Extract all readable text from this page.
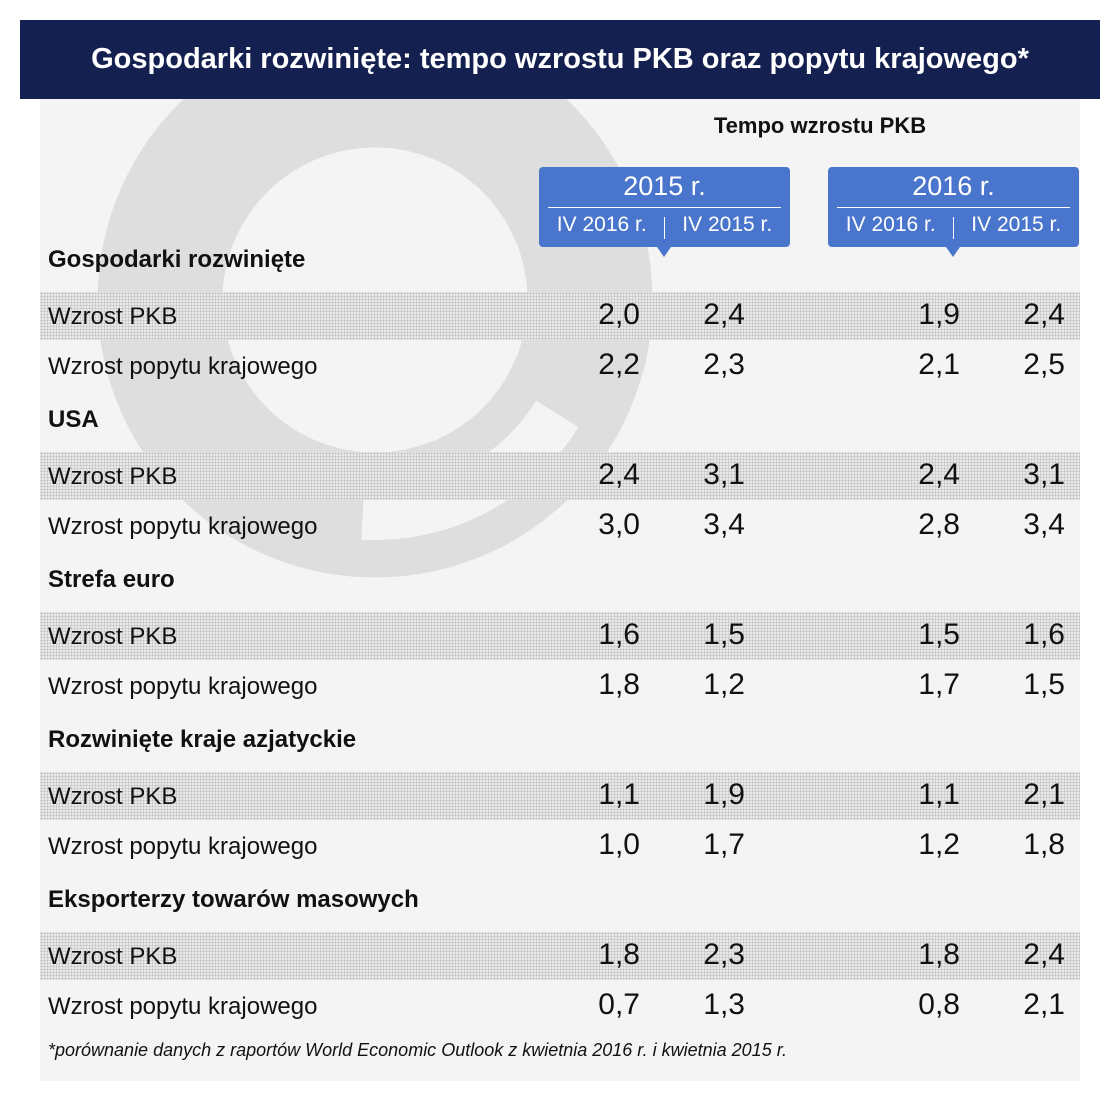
Gospodarki rozwinięte: tempo wzrostu PKB oraz popytu krajowego*
Tempo wzrostu PKB
2015 r.
IV 2016 r.	IV 2015 r.
2016 r.
IV 2016 r.	IV 2015 r.
Gospodarki rozwinięte
Wzrost PKB	2,0	2,4	1,9	2,4
Wzrost popytu krajowego	2,2	2,3	2,1	2,5
USA
Wzrost PKB	2,4	3,1	2,4	3,1
Wzrost popytu krajowego	3,0	3,4	2,8	3,4
Strefa euro
Wzrost PKB	1,6	1,5	1,5	1,6
Wzrost popytu krajowego	1,8	1,2	1,7	1,5
Rozwinięte kraje azjatyckie
Wzrost PKB	1,1	1,9	1,1	2,1
Wzrost popytu krajowego	1,0	1,7	1,2	1,8
Eksporterzy towarów masowych
Wzrost PKB	1,8	2,3	1,8	2,4
Wzrost popytu krajowego	0,7	1,3	0,8	2,1
*porównanie danych z raportów World Economic Outlook z kwietnia 2016 r. i kwietnia 2015 r.
